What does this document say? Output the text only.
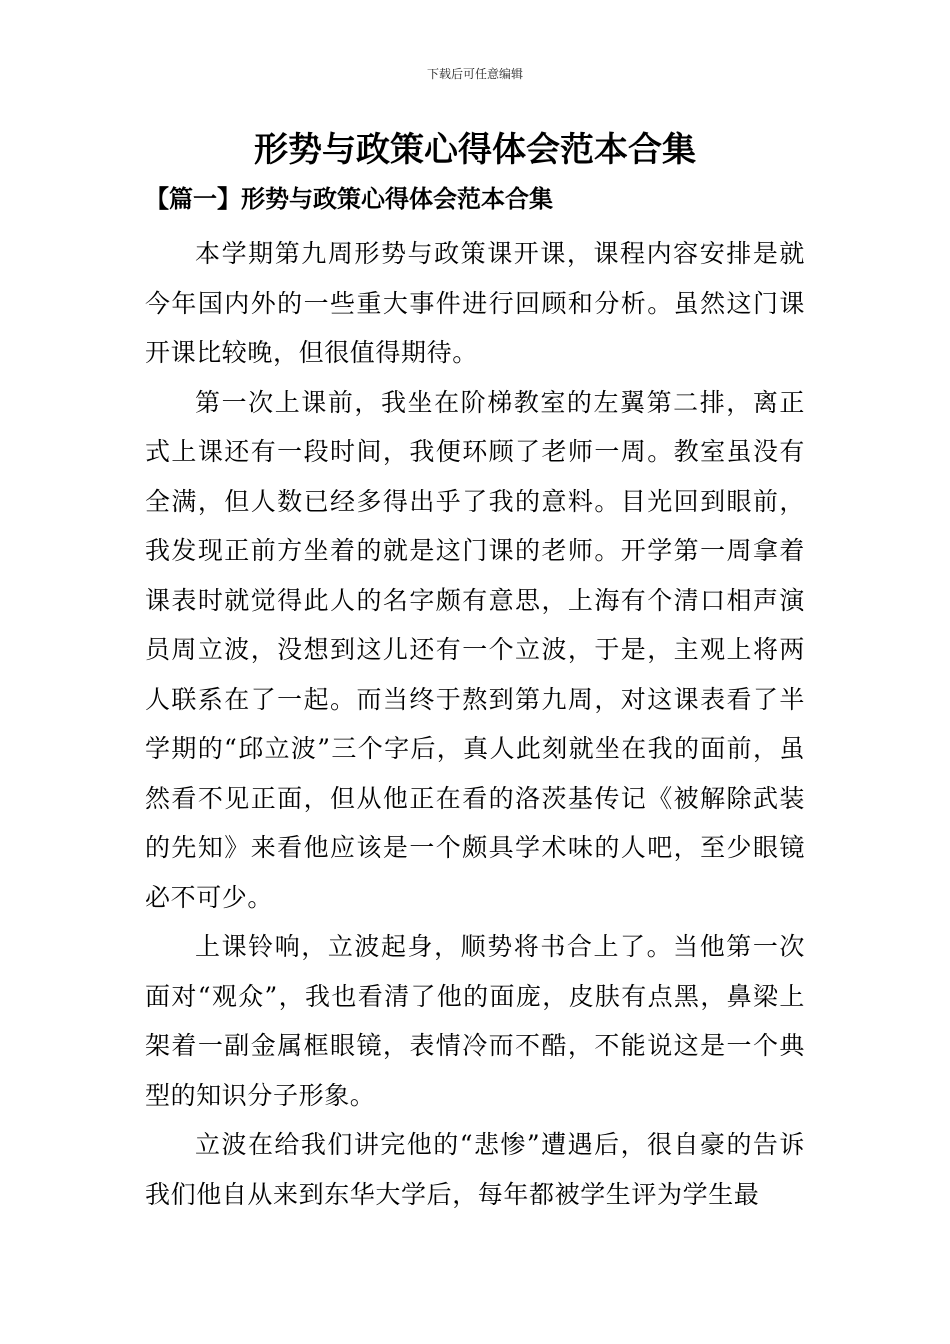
下载后可任意编辑
形势与政策心得体会范本合集
【篇一】形势与政策心得体会范本合集

本学期第九周形势与政策课开课，课程内容安排是就今年国内外的一些重大事件进行回顾和分析。虽然这门课开课比较晚，但很值得期待。

第一次上课前，我坐在阶梯教室的左翼第二排，离正式上课还有一段时间，我便环顾了老师一周。教室虽没有全满，但人数已经多得出乎了我的意料。目光回到眼前，我发现正前方坐着的就是这门课的老师。开学第一周拿着课表时就觉得此人的名字颇有意思，上海有个清口相声演员周立波，没想到这儿还有一个立波，于是，主观上将两人联系在了一起。而当终于熬到第九周，对这课表看了半学期的“邱立波”三个字后，真人此刻就坐在我的面前，虽然看不见正面，但从他正在看的洛茨基传记《被解除武装的先知》来看他应该是一个颇具学术味的人吧，至少眼镜必不可少。

上课铃响，立波起身，顺势将书合上了。当他第一次面对“观众”，我也看清了他的面庞，皮肤有点黑，鼻梁上架着一副金属框眼镜，表情冷而不酷，不能说这是一个典型的知识分子形象。

立波在给我们讲完他的“悲惨”遭遇后，很自豪的告诉我们他自从来到东华大学后，每年都被学生评为学生最
